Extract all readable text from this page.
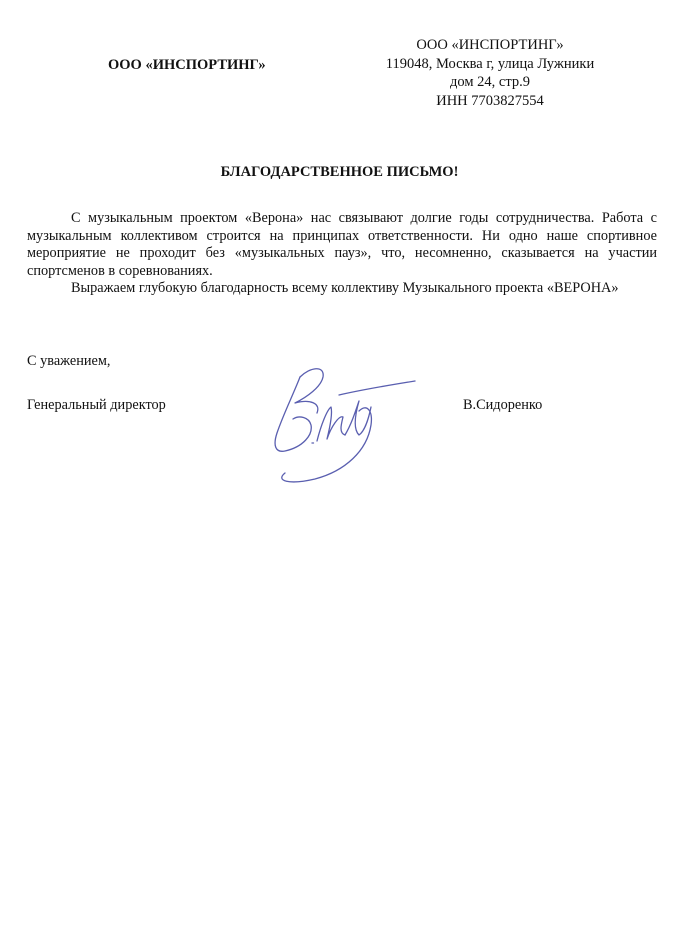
ООО «ИНСПОРТИНГ»
ООО «ИНСПОРТИНГ»
119048, Москва г, улица Лужники
дом 24, стр.9
ИНН 7703827554
БЛАГОДАРСТВЕННОЕ ПИСЬМО!

С музыкальным проектом «Верона» нас связывают долгие годы сотрудничества. Работа с музыкальным коллективом строится на принципах ответственности. Ни одно наше спортивное мероприятие не проходит без «музыкальных пауз», что, несомненно, сказывается на участии спортсменов в соревнованиях.

Выражаем глубокую благодарность всему коллективу Музыкального проекта «ВЕРОНА»

С уважением,
Генеральный директор	В.Сидоренко
